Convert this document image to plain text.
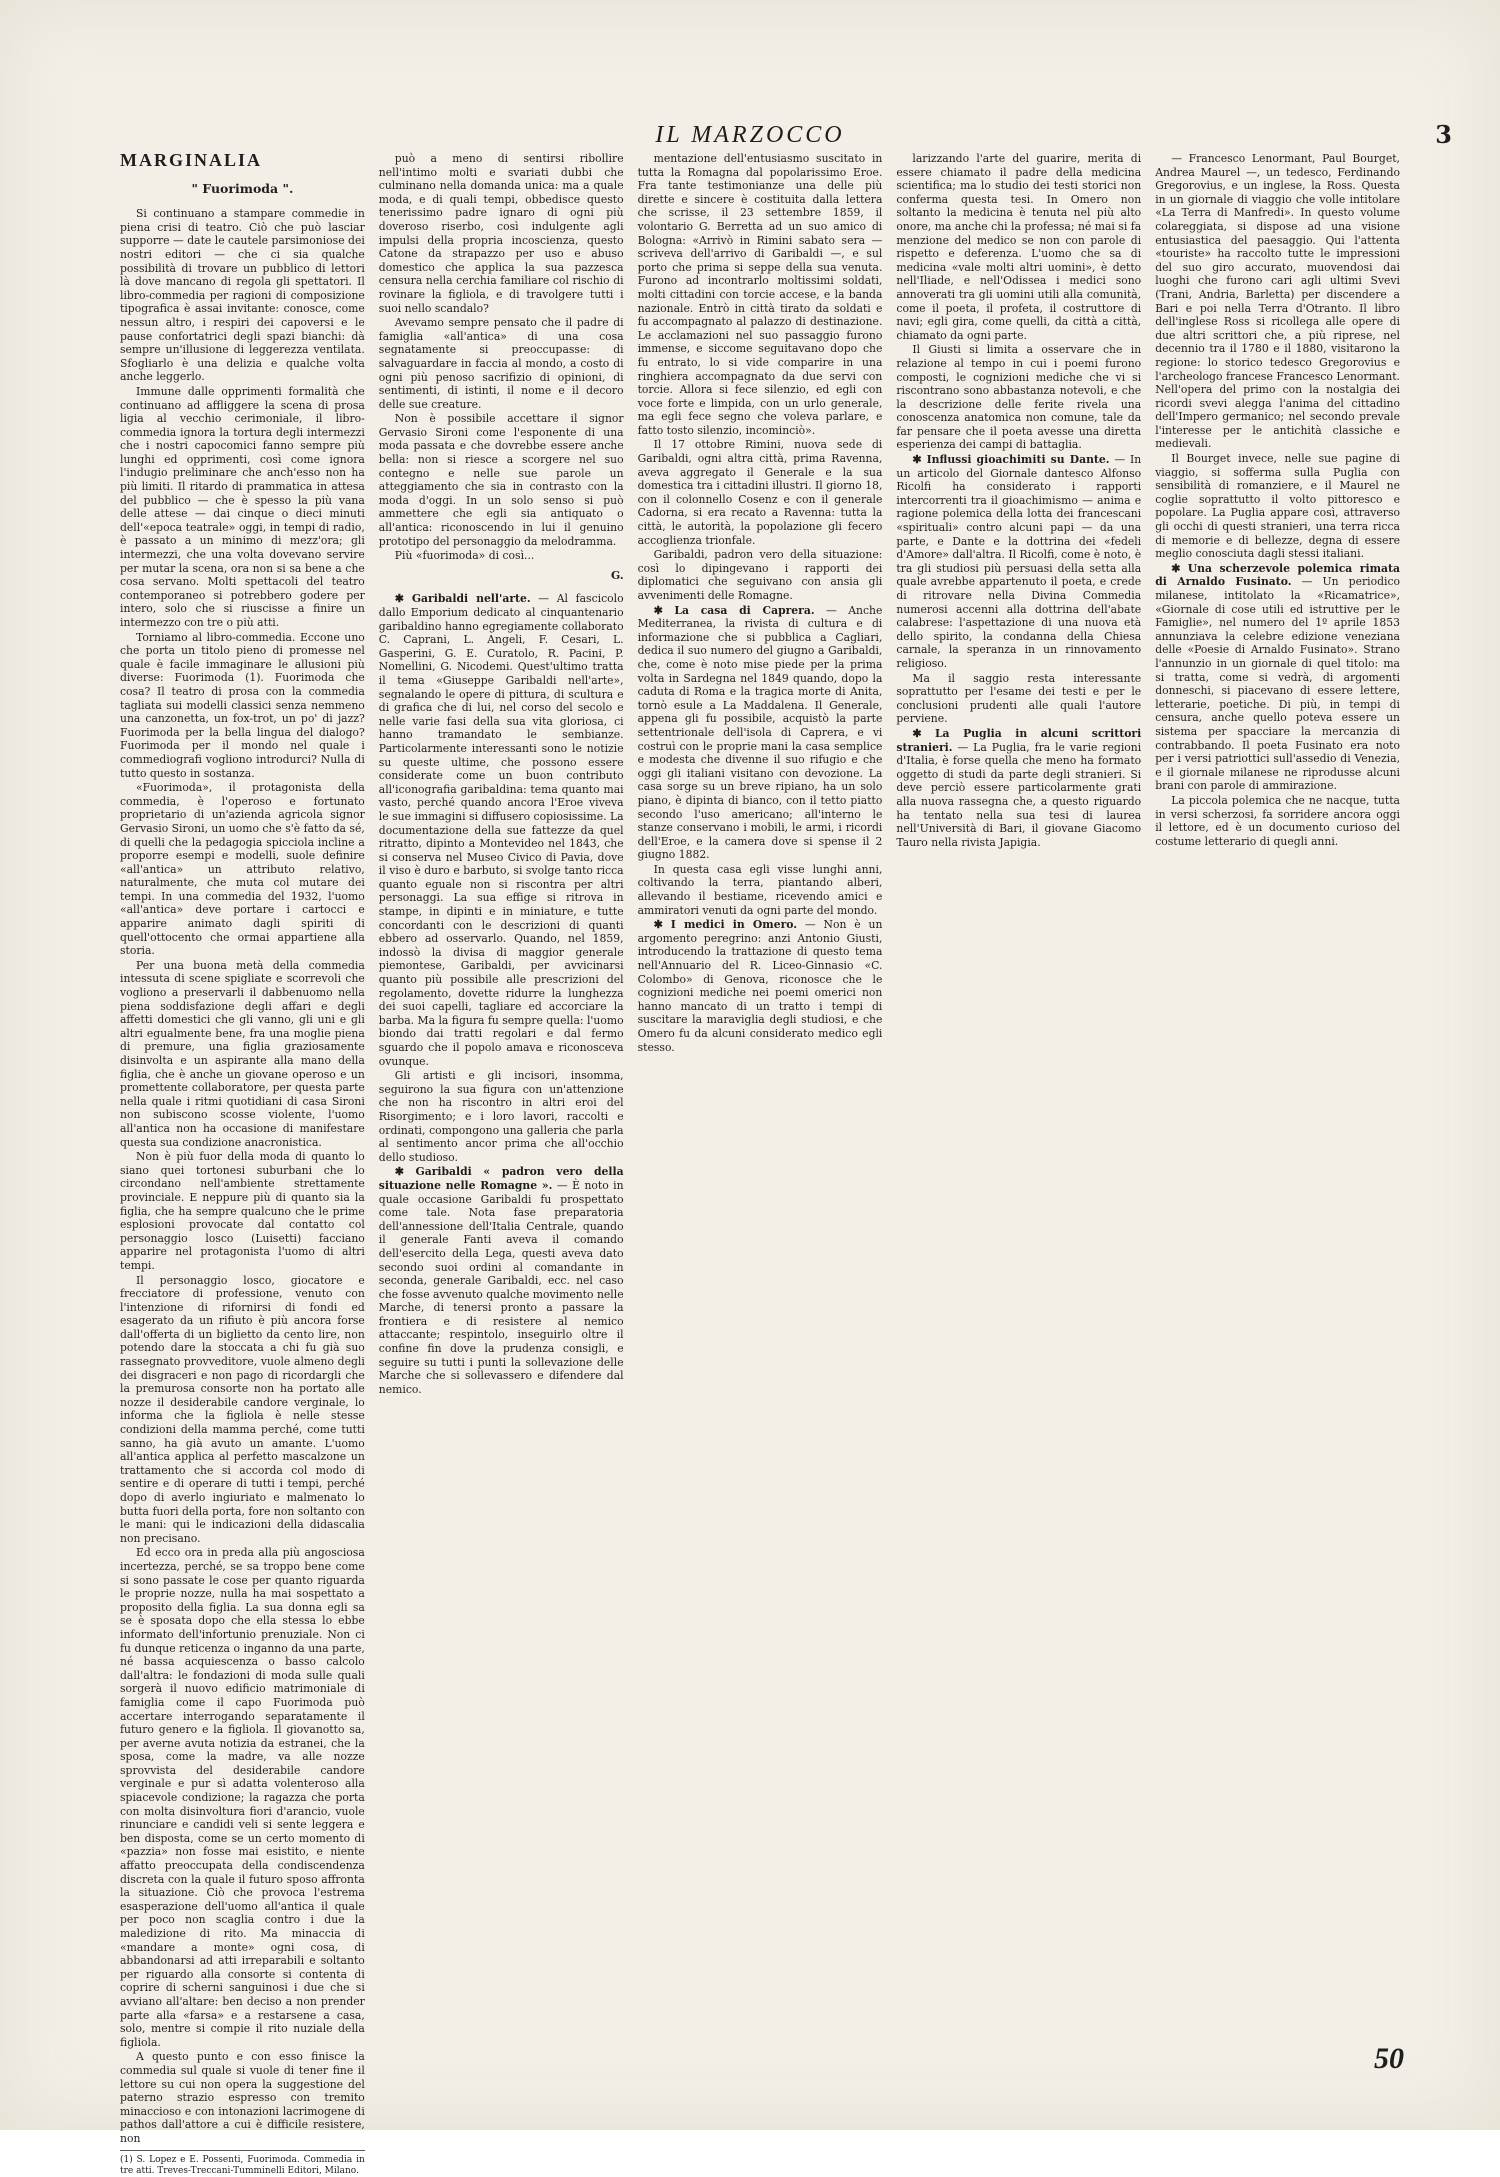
IL MARZOCCO	3
MARGINALIA
" Fuorimoda ".

Si continuano a stampare commedie in piena crisi di teatro. Ciò che può lasciar supporre — date le cautele parsimoniose dei nostri editori — che ci sia qualche possibilità di trovare un pubblico di lettori là dove mancano di regola gli spettatori. Il libro-commedia per ragioni di composizione tipografica è assai invitante: conosce, come nessun altro, i respiri dei capoversi e le pause confortatrici degli spazi bianchi: dà sempre un'illusione di leggerezza ventilata. Sfogliarlo è una delizia e qualche volta anche leggerlo.

Immune dalle opprimenti formalità che continuano ad affliggere la scena di prosa ligia al vecchio cerimoniale, il libro-commedia ignora la tortura degli intermezzi che i nostri capocomici fanno sempre più lunghi ed opprimenti, così come ignora l'indugio preliminare che anch'esso non ha più limiti. Il ritardo di prammatica in attesa del pubblico — che è spesso la più vana delle attese — dai cinque o dieci minuti dell'«epoca teatrale» oggi, in tempi di radio, è passato a un minimo di mezz'ora; gli intermezzi, che una volta dovevano servire per mutar la scena, ora non si sa bene a che cosa servano. Molti spettacoli del teatro contemporaneo si potrebbero godere per intero, solo che si riuscisse a finire un intermezzo con tre o più atti.

Torniamo al libro-commedia. Eccone uno che porta un titolo pieno di promesse nel quale è facile immaginare le allusioni più diverse: Fuorimoda (1). Fuorimoda che cosa? Il teatro di prosa con la commedia tagliata sui modelli classici senza nemmeno una canzonetta, un fox-trot, un po' di jazz? Fuorimoda per la bella lingua del dialogo? Fuorimoda per il mondo nel quale i commediografi vogliono introdurci? Nulla di tutto questo in sostanza.

«Fuorimoda», il protagonista della commedia, è l'operoso e fortunato proprietario di un'azienda agricola signor Gervasio Sironi, un uomo che s'è fatto da sé, di quelli che la pedagogia spicciola incline a proporre esempi e modelli, suole definire «all'antica» un attributo relativo, naturalmente, che muta col mutare dei tempi. In una commedia del 1932, l'uomo «all'antica» deve portare i cartocci e apparire animato dagli spiriti di quell'ottocento che ormai appartiene alla storia.

Per una buona metà della commedia intessuta di scene spigliate e scorrevoli che vogliono a preservarli il dabbenuomo nella piena soddisfazione degli affari e degli affetti domestici che gli vanno, gli uni e gli altri egualmente bene, fra una moglie piena di premure, una figlia graziosamente disinvolta e un aspirante alla mano della figlia, che è anche un giovane operoso e un promettente collaboratore, per questa parte nella quale i ritmi quotidiani di casa Sironi non subiscono scosse violente, l'uomo all'antica non ha occasione di manifestare questa sua condizione anacronistica.

Non è più fuor della moda di quanto lo siano quei tortonesi suburbani che lo circondano nell'ambiente strettamente provinciale. E neppure più di quanto sia la figlia, che ha sempre qualcuno che le prime esplosioni provocate dal contatto col personaggio losco (Luisetti) facciano apparire nel protagonista l'uomo di altri tempi.

Il personaggio losco, giocatore e frecciatore di professione, venuto con l'intenzione di rifornirsi di fondi ed esagerato da un rifiuto è più ancora forse dall'offerta di un biglietto da cento lire, non potendo dare la stoccata a chi fu già suo rassegnato provveditore, vuole almeno degli dei disgraceri e non pago di ricordargli che la premurosa consorte non ha portato alle nozze il desiderabile candore verginale, lo informa che la figliola è nelle stesse condizioni della mamma perché, come tutti sanno, ha già avuto un amante. L'uomo all'antica applica al perfetto mascalzone un trattamento che si accorda col modo di sentire e di operare di tutti i tempi, perché dopo di averlo ingiuriato e malmenato lo butta fuori della porta, fore non soltanto con le mani: qui le indicazioni della didascalia non precisano.

Ed ecco ora in preda alla più angosciosa incertezza, perché, se sa troppo bene come si sono passate le cose per quanto riguarda le proprie nozze, nulla ha mai sospettato a proposito della figlia. La sua donna egli sa se è sposata dopo che ella stessa lo ebbe informato dell'infortunio prenuziale. Non ci fu dunque reticenza o inganno da una parte, né bassa acquiescenza o basso calcolo dall'altra: le fondazioni di moda sulle quali sorgerà il nuovo edificio matrimoniale di famiglia come il capo Fuorimoda può accertare interrogando separatamente il futuro genero e la figliola. Il giovanotto sa, per averne avuta notizia da estranei, che la sposa, come la madre, va alle nozze sprovvista del desiderabile candore verginale e pur sì adatta volenteroso alla spiacevole condizione; la ragazza che porta con molta disinvoltura fiori d'arancio, vuole rinunciare e candidi veli si sente leggera e ben disposta, come se un certo momento di «pazzia» non fosse mai esistito, e niente affatto preoccupata della condiscendenza discreta con la quale il futuro sposo affronta la situazione. Ciò che provoca l'estrema esasperazione dell'uomo all'antica il quale per poco non scaglia contro i due la maledizione di rito. Ma minaccia di «mandare a monte» ogni cosa, di abbandonarsi ad atti irreparabili e soltanto per riguardo alla consorte si contenta di coprire di scherni sanguinosi i due che si avviano all'altare: ben deciso a non prender parte alla «farsa» e a restarsene a casa, solo, mentre si compie il rito nuziale della figliola.

A questo punto e con esso finisce la commedia sul quale si vuole di tener fine il lettore su cui non opera la suggestione del paterno strazio espresso con tremito minaccioso e con intonazioni lacrimogene di pathos dall'attore a cui è difficile resistere, non

(1) S. Lopez e E. Possenti, Fuorimoda. Commedia in tre atti. Treves-Treccani-Tumminelli Editori, Milano.

può a meno di sentirsi ribollire nell'intimo molti e svariati dubbi che culminano nella domanda unica: ma a quale moda, e di quali tempi, obbedisce questo tenerissimo padre ignaro di ogni più doveroso riserbo, così indulgente agli impulsi della propria incoscienza, questo Catone da strapazzo per uso e abuso domestico che applica la sua pazzesca censura nella cerchia familiare col rischio di rovinare la figliola, e di travolgere tutti i suoi nello scandalo?

Avevamo sempre pensato che il padre di famiglia «all'antica» di una cosa segnatamente si preoccupasse: di salvaguardare in faccia al mondo, a costo di ogni più penoso sacrifizio di opinioni, di sentimenti, di istinti, il nome e il decoro delle sue creature.

Non è possibile accettare il signor Gervasio Sironi come l'esponente di una moda passata e che dovrebbe essere anche bella: non si riesce a scorgere nel suo contegno e nelle sue parole un atteggiamento che sia in contrasto con la moda d'oggi. In un solo senso si può ammettere che egli sia antiquato o all'antica: riconoscendo in lui il genuino prototipo del personaggio da melodramma.

Più «fuorimoda» di così...

G.

✱ Garibaldi nell'arte. — Al fascicolo dallo Emporium dedicato al cinquantenario garibaldino hanno egregiamente collaborato C. Caprani, L. Angeli, F. Cesari, L. Gasperini, G. E. Curatolo, R. Pacini, P. Nomellini, G. Nicodemi. Quest'ultimo tratta il tema «Giuseppe Garibaldi nell'arte», segnalando le opere di pittura, di scultura e di grafica che di lui, nel corso del secolo e nelle varie fasi della sua vita gloriosa, ci hanno tramandato le sembianze. Particolarmente interessanti sono le notizie su queste ultime, che possono essere considerate come un buon contributo all'iconografia garibaldina: tema quanto mai vasto, perché quando ancora l'Eroe viveva le sue immagini si diffusero copiosissime. La documentazione della sue fattezze da quel ritratto, dipinto a Montevideo nel 1843, che si conserva nel Museo Civico di Pavia, dove il viso è duro e barbuto, si svolge tanto ricca quanto eguale non si riscontra per altri personaggi. La sua effige si ritrova in stampe, in dipinti e in miniature, e tutte concordanti con le descrizioni di quanti ebbero ad osservarlo. Quando, nel 1859, indossò la divisa di maggior generale piemontese, Garibaldi, per avvicinarsi quanto più possibile alle prescrizioni del regolamento, dovette ridurre la lunghezza dei suoi capelli, tagliare ed accorciare la barba. Ma la figura fu sempre quella: l'uomo biondo dai tratti regolari e dal fermo sguardo che il popolo amava e riconosceva ovunque.

Gli artisti e gli incisori, insomma, seguirono la sua figura con un'attenzione che non ha riscontro in altri eroi del Risorgimento; e i loro lavori, raccolti e ordinati, compongono una galleria che parla al sentimento ancor prima che all'occhio dello studioso.

✱ Garibaldi « padron vero della situazione nelle Romagne ». — È noto in quale occasione Garibaldi fu prospettato come tale. Nota fase preparatoria dell'annessione dell'Italia Centrale, quando il generale Fanti aveva il comando dell'esercito della Lega, questi aveva dato secondo suoi ordini al comandante in seconda, generale Garibaldi, ecc. nel caso che fosse avvenuto qualche movimento nelle Marche, di tenersi pronto a passare la frontiera e di resistere al nemico attaccante; respintolo, inseguirlo oltre il confine fin dove la prudenza consigli, e seguire su tutti i punti la sollevazione delle Marche che si sollevassero e difendere dal nemico.

mentazione dell'entusiasmo suscitato in tutta la Romagna dal popolarissimo Eroe. Fra tante testimonianze una delle più dirette e sincere è costituita dalla lettera che scrisse, il 23 settembre 1859, il volontario G. Berretta ad un suo amico di Bologna: «Arrivò in Rimini sabato sera — scriveva dell'arrivo di Garibaldi —, e sul porto che prima si seppe della sua venuta. Furono ad incontrarlo moltissimi soldati, molti cittadini con torcie accese, e la banda nazionale. Entrò in città tirato da soldati e fu accompagnato al palazzo di destinazione. Le acclamazioni nel suo passaggio furono immense, e siccome seguitavano dopo che fu entrato, lo si vide comparire in una ringhiera accompagnato da due servi con torcie. Allora si fece silenzio, ed egli con voce forte e limpida, con un urlo generale, ma egli fece segno che voleva parlare, e fatto tosto silenzio, incominciò».

Il 17 ottobre Rimini, nuova sede di Garibaldi, ogni altra città, prima Ravenna, aveva aggregato il Generale e la sua domestica tra i cittadini illustri. Il giorno 18, con il colonnello Cosenz e con il generale Cadorna, si era recato a Ravenna: tutta la città, le autorità, la popolazione gli fecero accoglienza trionfale.

Garibaldi, padron vero della situazione: così lo dipingevano i rapporti dei diplomatici che seguivano con ansia gli avvenimenti delle Romagne.

✱ La casa di Caprera. — Anche Mediterranea, la rivista di cultura e di informazione che si pubblica a Cagliari, dedica il suo numero del giugno a Garibaldi, che, come è noto mise piede per la prima volta in Sardegna nel 1849 quando, dopo la caduta di Roma e la tragica morte di Anita, tornò esule a La Maddalena. Il Generale, appena gli fu possibile, acquistò la parte settentrionale dell'isola di Caprera, e vi costruì con le proprie mani la casa semplice e modesta che divenne il suo rifugio e che oggi gli italiani visitano con devozione. La casa sorge su un breve ripiano, ha un solo piano, è dipinta di bianco, con il tetto piatto secondo l'uso americano; all'interno le stanze conservano i mobili, le armi, i ricordi dell'Eroe, e la camera dove si spense il 2 giugno 1882.

In questa casa egli visse lunghi anni, coltivando la terra, piantando alberi, allevando il bestiame, ricevendo amici e ammiratori venuti da ogni parte del mondo.

✱ I medici in Omero. — Non è un argomento peregrino: anzi Antonio Giusti, introducendo la trattazione di questo tema nell'Annuario del R. Liceo-Ginnasio «C. Colombo» di Genova, riconosce che le cognizioni mediche nei poemi omerici non hanno mancato di un tratto i tempi di suscitare la maraviglia degli studiosi, e che Omero fu da alcuni considerato medico egli stesso.

larizzando l'arte del guarire, merita di essere chiamato il padre della medicina scientifica; ma lo studio dei testi storici non conferma questa tesi. In Omero non soltanto la medicina è tenuta nel più alto onore, ma anche chi la professa; né mai si fa menzione del medico se non con parole di rispetto e deferenza. L'uomo che sa di medicina «vale molti altri uomini», è detto nell'Iliade, e nell'Odissea i medici sono annoverati tra gli uomini utili alla comunità, come il poeta, il profeta, il costruttore di navi; egli gira, come quelli, da città a città, chiamato da ogni parte.

Il Giusti si limita a osservare che in relazione al tempo in cui i poemi furono composti, le cognizioni mediche che vi si riscontrano sono abbastanza notevoli, e che la descrizione delle ferite rivela una conoscenza anatomica non comune, tale da far pensare che il poeta avesse una diretta esperienza dei campi di battaglia.

✱ Influssi gioachimiti su Dante. — In un articolo del Giornale dantesco Alfonso Ricolfi ha considerato i rapporti intercorrenti tra il gioachimismo — anima e ragione polemica della lotta dei francescani «spirituali» contro alcuni papi — da una parte, e Dante e la dottrina dei «fedeli d'Amore» dall'altra. Il Ricolfi, come è noto, è tra gli studiosi più persuasi della setta alla quale avrebbe appartenuto il poeta, e crede di ritrovare nella Divina Commedia numerosi accenni alla dottrina dell'abate calabrese: l'aspettazione di una nuova età dello spirito, la condanna della Chiesa carnale, la speranza in un rinnovamento religioso.

Ma il saggio resta interessante soprattutto per l'esame dei testi e per le conclusioni prudenti alle quali l'autore perviene.

✱ La Puglia in alcuni scrittori stranieri. — La Puglia, fra le varie regioni d'Italia, è forse quella che meno ha formato oggetto di studi da parte degli stranieri. Si deve perciò essere particolarmente grati alla nuova rassegna che, a questo riguardo ha tentato nella sua tesi di laurea nell'Università di Bari, il giovane Giacomo Tauro nella rivista Japigia.

— Francesco Lenormant, Paul Bourget, Andrea Maurel —, un tedesco, Ferdinando Gregorovius, e un inglese, la Ross. Questa in un giornale di viaggio che volle intitolare «La Terra di Manfredi». In questo volume colareggiata, si dispose ad una visione entusiastica del paesaggio. Qui l'attenta «touriste» ha raccolto tutte le impressioni del suo giro accurato, muovendosi dai luoghi che furono cari agli ultimi Svevi (Trani, Andria, Barletta) per discendere a Bari e poi nella Terra d'Otranto. Il libro dell'inglese Ross si ricollega alle opere di due altri scrittori che, a più riprese, nel decennio tra il 1780 e il 1880, visitarono la regione: lo storico tedesco Gregorovius e l'archeologo francese Francesco Lenormant. Nell'opera del primo con la nostalgia dei ricordi svevi alegga l'anima del cittadino dell'Impero germanico; nel secondo prevale l'interesse per le antichità classiche e medievali.

Il Bourget invece, nelle sue pagine di viaggio, si sofferma sulla Puglia con sensibilità di romanziere, e il Maurel ne coglie soprattutto il volto pittoresco e popolare. La Puglia appare così, attraverso gli occhi di questi stranieri, una terra ricca di memorie e di bellezze, degna di essere meglio conosciuta dagli stessi italiani.

✱ Una scherzevole polemica rimata di Arnaldo Fusinato. — Un periodico milanese, intitolato la «Ricamatrice», «Giornale di cose utili ed istruttive per le Famiglie», nel numero del 1º aprile 1853 annunziava la celebre edizione veneziana delle «Poesie di Arnaldo Fusinato». Strano l'annunzio in un giornale di quel titolo: ma si tratta, come si vedrà, di argomenti donneschi, si piacevano di essere lettere, letterarie, poetiche. Di più, in tempi di censura, anche quello poteva essere un sistema per spacciare la mercanzia di contrabbando. Il poeta Fusinato era noto per i versi patriottici sull'assedio di Venezia, e il giornale milanese ne riprodusse alcuni brani con parole di ammirazione.

La piccola polemica che ne nacque, tutta in versi scherzosi, fa sorridere ancora oggi il lettore, ed è un documento curioso del costume letterario di quegli anni.

50
